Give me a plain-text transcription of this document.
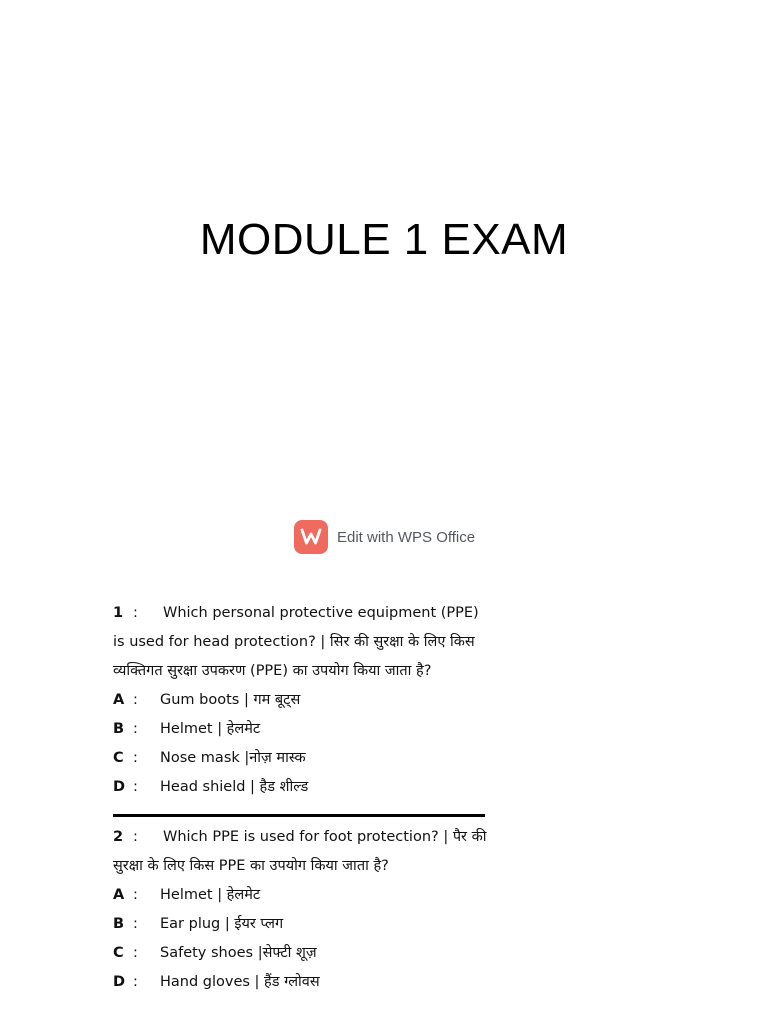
MODULE 1 EXAM
Edit with WPS Office
1 : Which personal protective equipment (PPE) is used for head protection? | सिर की सुरक्षा के लिए किस व्यक्तिगत सुरक्षा उपकरण (PPE) का उपयोग किया जाता है?
A :	Gum boots | गम बूट्स
B :	Helmet | हेलमेट
C :	Nose mask |नोज़ मास्क
D :	Head shield | हैड शील्ड
2 : Which PPE is used for foot protection? | पैर की सुरक्षा के लिए किस PPE का उपयोग किया जाता है?
A :	Helmet | हेलमेट
B :	Ear plug | ईयर प्लग
C :	Safety shoes |सेफ्टी शूज़
D :	Hand gloves | हैंड ग्लोवस
